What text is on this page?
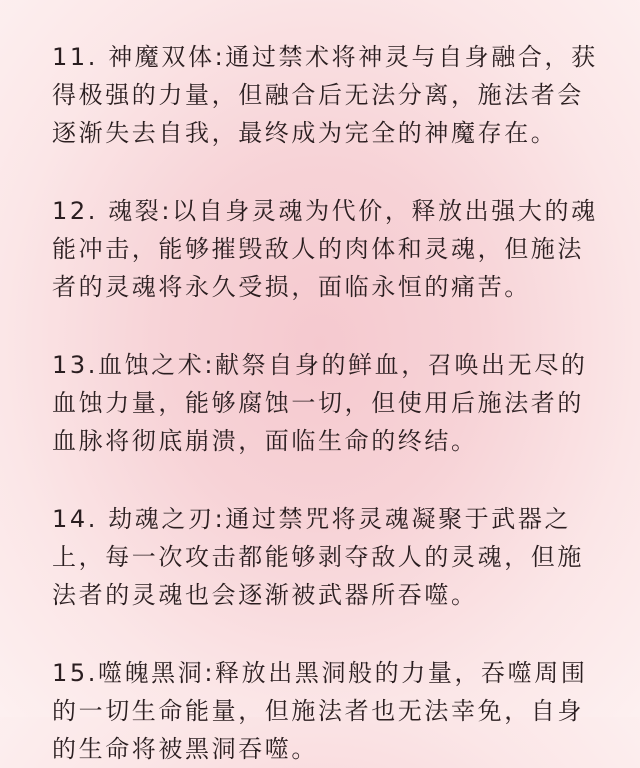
11. 神魔双体:通过禁术将神灵与自身融合，获
得极强的力量，但融合后无法分离，施法者会
逐渐失去自我，最终成为完全的神魔存在。
12. 魂裂:以自身灵魂为代价，释放出强大的魂
能冲击，能够摧毁敌人的肉体和灵魂，但施法
者的灵魂将永久受损，面临永恒的痛苦。
13.血蚀之术:献祭自身的鲜血，召唤出无尽的
血蚀力量，能够腐蚀一切，但使用后施法者的
血脉将彻底崩溃，面临生命的终结。
14. 劫魂之刃:通过禁咒将灵魂凝聚于武器之
上，每一次攻击都能够剥夺敌人的灵魂，但施
法者的灵魂也会逐渐被武器所吞噬。
15.噬魄黑洞:释放出黑洞般的力量，吞噬周围
的一切生命能量，但施法者也无法幸免，自身
的生命将被黑洞吞噬。
